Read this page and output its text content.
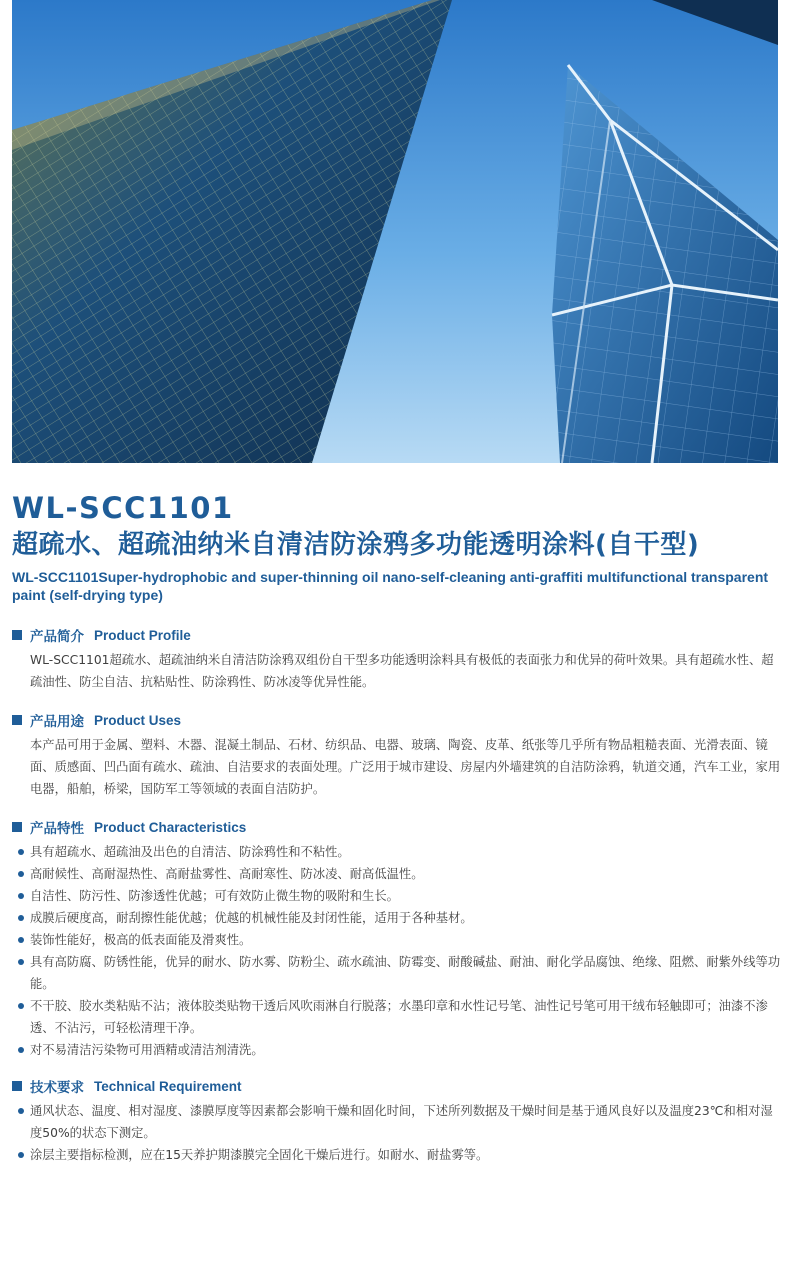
WL-SCC1101

超疏水、超疏油纳米自清洁防涂鸦多功能透明涂料(自干型)

WL-SCC1101Super-hydrophobic and super-thinning oil nano-self-cleaning anti-graffiti multifunctional transparent paint (self-drying type)

产品简介 Product Profile

WL-SCC1101超疏水、超疏油纳米自清洁防涂鸦双组份自干型多功能透明涂料具有极低的表面张力和优异的荷叶效果。具有超疏水性、超疏油性、防尘自洁、抗粘贴性、防涂鸦性、防冰凌等优异性能。

产品用途 Product Uses

本产品可用于金属、塑料、木器、混凝土制品、石材、纺织品、电器、玻璃、陶瓷、皮革、纸张等几乎所有物品粗糙表面、光滑表面、镜面、质感面、凹凸面有疏水、疏油、自洁要求的表面处理。广泛用于城市建设、房屋内外墙建筑的自洁防涂鸦，轨道交通，汽车工业，家用电器，船舶，桥梁，国防军工等领域的表面自洁防护。

产品特性 Product Characteristics
具有超疏水、超疏油及出色的自清洁、防涂鸦性和不粘性。
高耐候性、高耐湿热性、高耐盐雾性、高耐寒性、防冰凌、耐高低温性。
自洁性、防污性、防渗透性优越；可有效防止微生物的吸附和生长。
成膜后硬度高，耐刮擦性能优越；优越的机械性能及封闭性能，适用于各种基材。
装饰性能好，极高的低表面能及滑爽性。
具有高防腐、防锈性能，优异的耐水、防水雾、防粉尘、疏水疏油、防霉变、耐酸碱盐、耐油、耐化学品腐蚀、绝缘、阻燃、耐紫外线等功能。
不干胶、胶水类粘贴不沾；液体胶类贴物干透后风吹雨淋自行脱落；水墨印章和水性记号笔、油性记号笔可用干绒布轻触即可；油漆不渗透、不沾污，可轻松清理干净。
对不易清洁污染物可用酒精或清洁剂清洗。
技术要求 Technical Requirement
通风状态、温度、相对湿度、漆膜厚度等因素都会影响干燥和固化时间，下述所列数据及干燥时间是基于通风良好以及温度23℃和相对湿度50%的状态下测定。
涂层主要指标检测，应在15天养护期漆膜完全固化干燥后进行。如耐水、耐盐雾等。
